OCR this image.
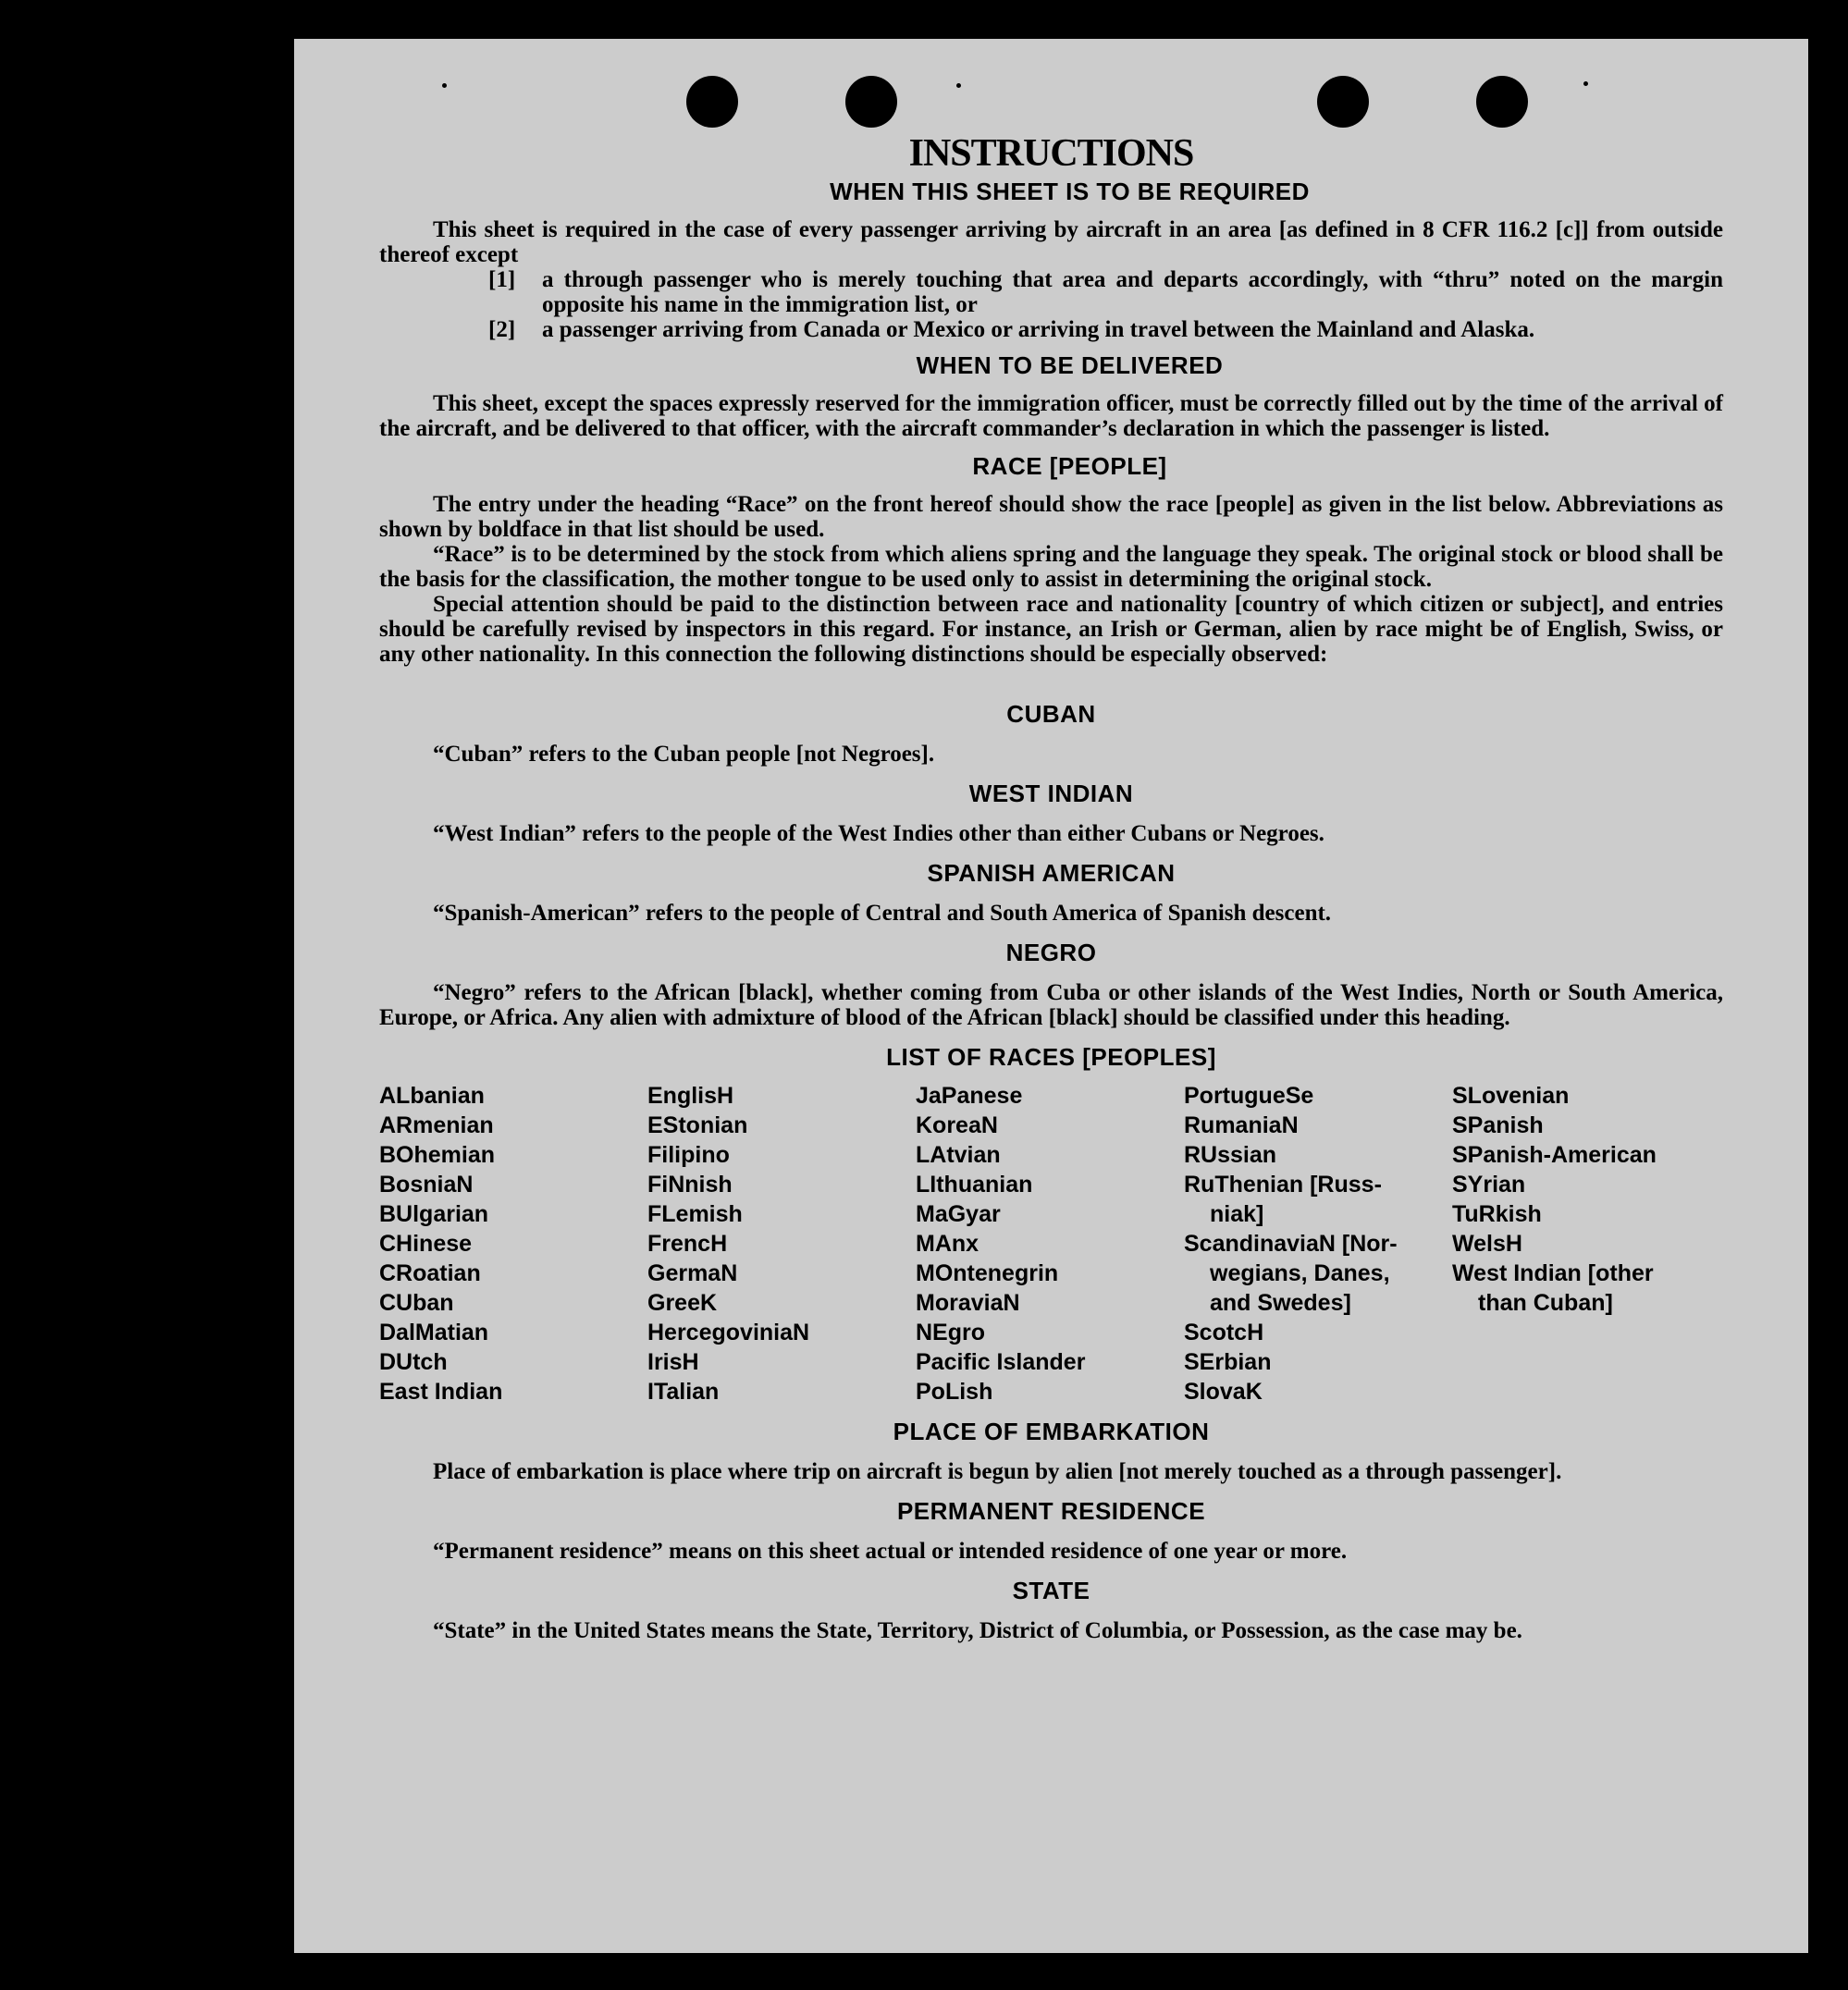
INSTRUCTIONS
WHEN THIS SHEET IS TO BE REQUIRED
This sheet is required in the case of every passenger arriving by aircraft in an area [as defined in 8 CFR 116.2 [c]] from outside thereof except
[1]	a through passenger who is merely touching that area and departs accordingly, with “thru” noted on the margin opposite his name in the immigration list, or
[2]	a passenger arriving from Canada or Mexico or arriving in travel between the Mainland and Alaska.
WHEN TO BE DELIVERED
This sheet, except the spaces expressly reserved for the immigration officer, must be correctly filled out by the time of the arrival of the aircraft, and be delivered to that officer, with the aircraft commander’s declaration in which the passenger is listed.
RACE [PEOPLE]
The entry under the heading “Race” on the front hereof should show the race [people] as given in the list below. Abbreviations as shown by boldface in that list should be used.
“Race” is to be determined by the stock from which aliens spring and the language they speak. The original stock or blood shall be the basis for the classification, the mother tongue to be used only to assist in determining the original stock.
Special attention should be paid to the distinction between race and nationality [country of which citizen or subject], and entries should be carefully revised by inspectors in this regard. For instance, an Irish or German, alien by race might be of English, Swiss, or any other nationality. In this connection the following distinctions should be especially observed:
CUBAN
“Cuban” refers to the Cuban people [not Negroes].
WEST INDIAN
“West Indian” refers to the people of the West Indies other than either Cubans or Negroes.
SPANISH AMERICAN
“Spanish-American” refers to the people of Central and South America of Spanish descent.
NEGRO
“Negro” refers to the African [black], whether coming from Cuba or other islands of the West Indies, North or South America, Europe, or Africa. Any alien with admixture of blood of the African [black] should be classified under this heading.
LIST OF RACES [PEOPLES]
ALbanian
ARmenian
BOhemian
BosniaN
BUlgarian
CHinese
CRoatian
CUban
DalMatian
DUtch
East Indian
EnglisH
EStonian
Filipino
FiNnish
FLemish
FrencH
GermaN
GreeK
HercegoviniaN
IrisH
ITalian
JaPanese
KoreaN
LAtvian
LIthuanian
MaGyar
MAnx
MOntenegrin
MoraviaN
NEgro
Pacific Islander
PoLish
PortugueSe
RumaniaN
RUssian
RuThenian [Russ-
niak]
ScandinaviaN [Nor-
wegians, Danes,
and Swedes]
ScotcH
SErbian
SlovaK
SLovenian
SPanish
SPanish-American
SYrian
TuRkish
WelsH
West Indian [other
than Cuban]
PLACE OF EMBARKATION
Place of embarkation is place where trip on aircraft is begun by alien [not merely touched as a through passenger].
PERMANENT RESIDENCE
“Permanent residence” means on this sheet actual or intended residence of one year or more.
STATE
“State” in the United States means the State, Territory, District of Columbia, or Possession, as the case may be.
